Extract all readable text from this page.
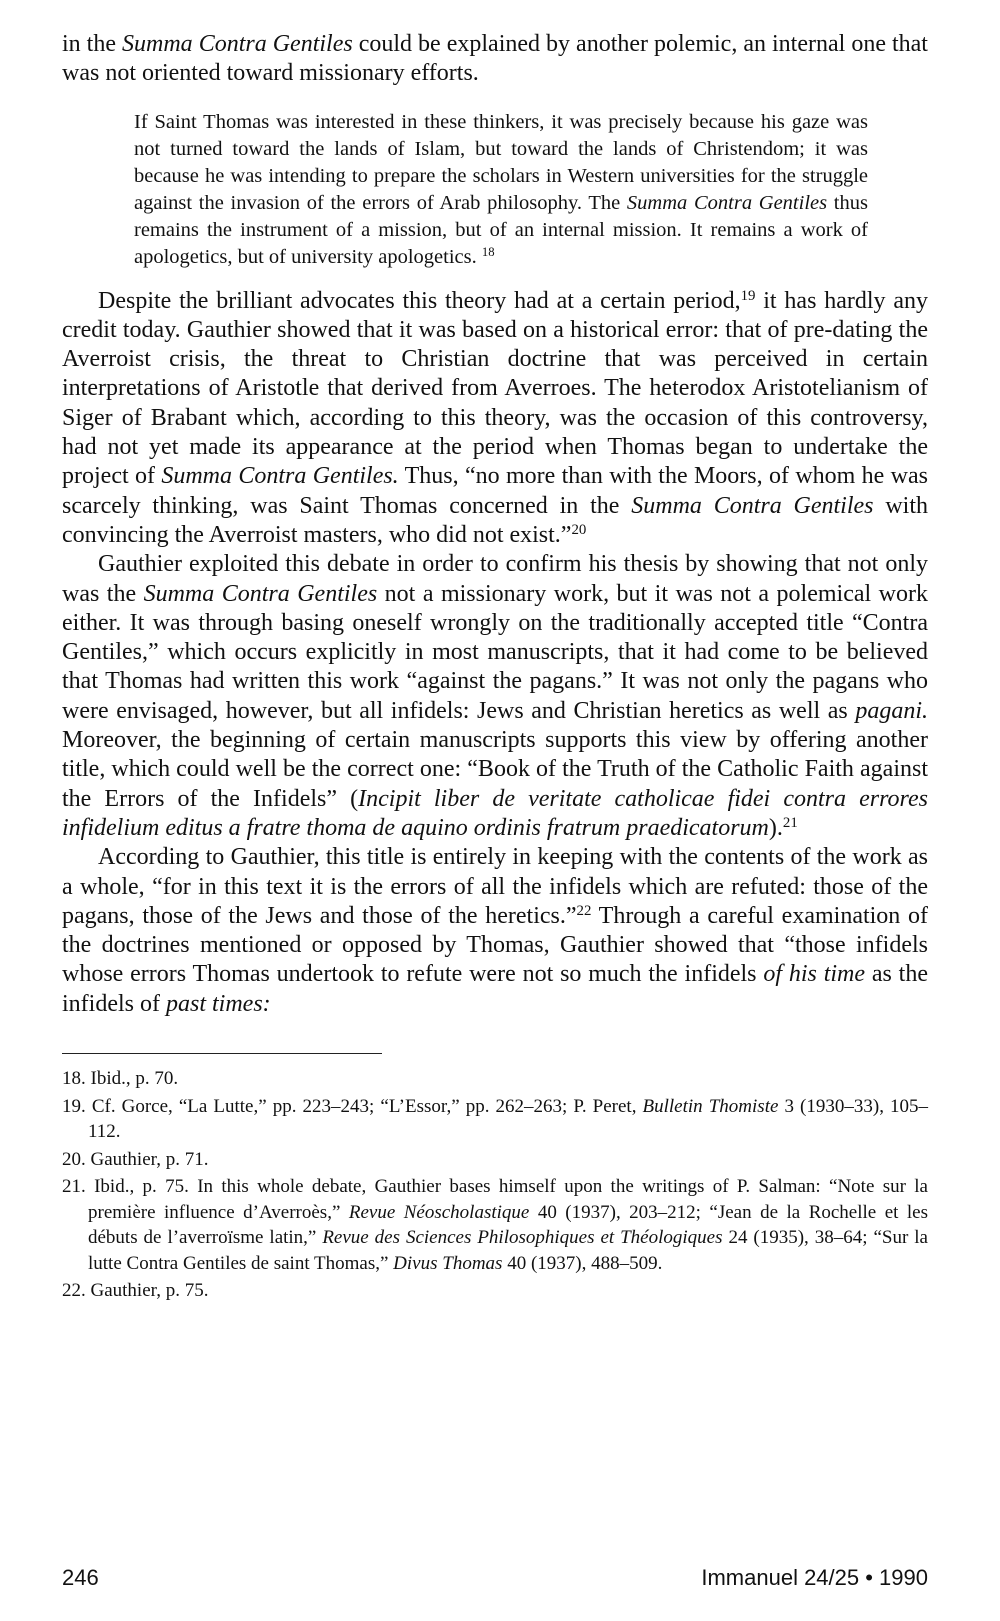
in the Summa Contra Gentiles could be explained by another polemic, an internal one that was not oriented toward missionary efforts.

If Saint Thomas was interested in these thinkers, it was precisely because his gaze was not turned toward the lands of Islam, but toward the lands of Christendom; it was because he was intending to prepare the scholars in Western universities for the struggle against the invasion of the errors of Arab philosophy. The Summa Contra Gentiles thus remains the instrument of a mission, but of an internal mission. It remains a work of apologetics, but of university apologetics. $^{18}$

Despite the brilliant advocates this theory had at a certain period,$^{19}$ it has hardly any credit today. Gauthier showed that it was based on a historical error: that of pre-dating the Averroist crisis, the threat to Christian doctrine that was perceived in certain interpretations of Aristotle that derived from Averroes. The heterodox Aristotelianism of Siger of Brabant which, according to this theory, was the occasion of this controversy, had not yet made its appearance at the period when Thomas began to undertake the project of Summa Contra Gentiles. Thus, “no more than with the Moors, of whom he was scarcely thinking, was Saint Thomas concerned in the Summa Contra Gentiles with convincing the Averroist masters, who did not exist.”$^{20}$

Gauthier exploited this debate in order to confirm his thesis by showing that not only was the Summa Contra Gentiles not a missionary work, but it was not a polemical work either. It was through basing oneself wrongly on the traditionally accepted title “Contra Gentiles,” which occurs explicitly in most manuscripts, that it had come to be believed that Thomas had written this work “against the pagans.” It was not only the pagans who were envisaged, however, but all infidels: Jews and Christian heretics as well as pagani. Moreover, the beginning of certain manuscripts supports this view by offering another title, which could well be the correct one: “Book of the Truth of the Catholic Faith against the Errors of the Infidels” (Incipit liber de veritate catholicae fidei contra errores infidelium editus a fratre thoma de aquino ordinis fratrum praedicatorum).$^{21}$

According to Gauthier, this title is entirely in keeping with the contents of the work as a whole, “for in this text it is the errors of all the infidels which are refuted: those of the pagans, those of the Jews and those of the heretics.”$^{22}$ Through a careful examination of the doctrines mentioned or opposed by Thomas, Gauthier showed that “those infidels whose errors Thomas undertook to refute were not so much the infidels of his time as the infidels of past times:

18. Ibid., p. 70.

19. Cf. Gorce, “La Lutte,” pp. 223–243; “L’Essor,” pp. 262–263; P. Peret, Bulletin Thomiste 3 (1930–33), 105–112.

20. Gauthier, p. 71.

21. Ibid., p. 75. In this whole debate, Gauthier bases himself upon the writings of P. Salman: “Note sur la première influence d’Averroès,” Revue Néoscholastique 40 (1937), 203–212; “Jean de la Rochelle et les débuts de l’averroïsme latin,” Revue des Sciences Philosophiques et Théologiques 24 (1935), 38–64; “Sur la lutte Contra Gentiles de saint Thomas,” Divus Thomas 40 (1937), 488–509.

22. Gauthier, p. 75.

246	Immanuel 24/25 • 1990
